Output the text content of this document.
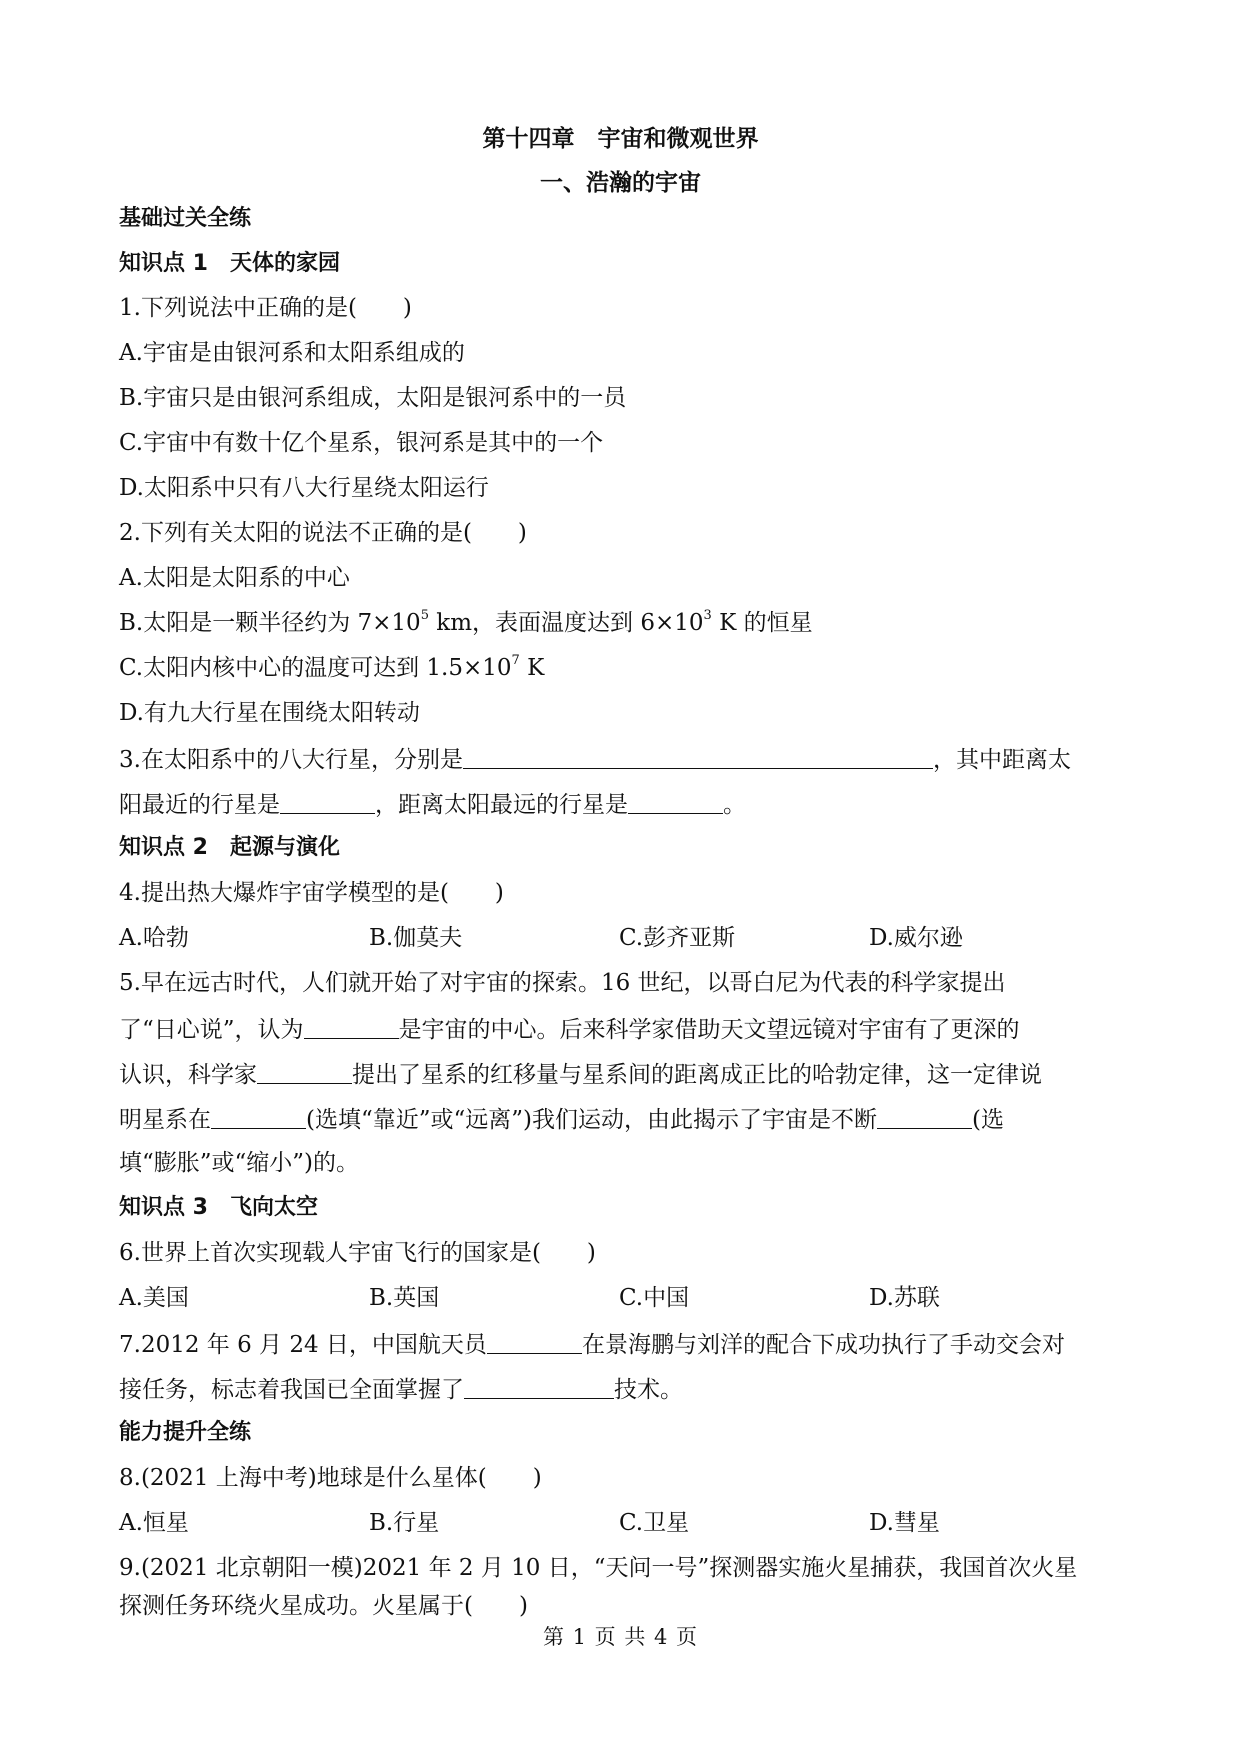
第十四章　宇宙和微观世界
一、浩瀚的宇宙
基础过关全练
知识点 1　天体的家园
1.下列说法中正确的是(　　)
A.宇宙是由银河系和太阳系组成的
B.宇宙只是由银河系组成，太阳是银河系中的一员
C.宇宙中有数十亿个星系，银河系是其中的一个
D.太阳系中只有八大行星绕太阳运行
2.下列有关太阳的说法不正确的是(　　)
A.太阳是太阳系的中心
B.太阳是一颗半径约为 $7\times 10^5$ km，表面温度达到 $6\times 10^3$ K 的恒星
C.太阳内核中心的温度可达到 $1.5\times 10^7$ K
D.有九大行星在围绕太阳转动
3.在太阳系中的八大行星，分别是	，其中距离太
阳最近的行星是	，距离太阳最远的行星是	。
知识点 2　起源与演化
4.提出热大爆炸宇宙学模型的是(　　)
A.哈勃	B.伽莫夫	C.彭齐亚斯	D.威尔逊
5.早在远古时代，人们就开始了对宇宙的探索。16 世纪，以哥白尼为代表的科学家提出
了“日心说”，认为	是宇宙的中心。后来科学家借助天文望远镜对宇宙有了更深的
认识，科学家	提出了星系的红移量与星系间的距离成正比的哈勃定律，这一定律说
明星系在	(选填“靠近”或“远离”)我们运动，由此揭示了宇宙是不断	(选
填“膨胀”或“缩小”)的。
知识点 3　飞向太空
6.世界上首次实现载人宇宙飞行的国家是(　　)
A.美国	B.英国	C.中国	D.苏联
7.2012 年 6 月 24 日，中国航天员	在景海鹏与刘洋的配合下成功执行了手动交会对
接任务，标志着我国已全面掌握了	技术。
能力提升全练
8.(2021 上海中考)地球是什么星体(　　)
A.恒星	B.行星	C.卫星	D.彗星
9.(2021 北京朝阳一模)2021 年 2 月 10 日，“天问一号”探测器实施火星捕获，我国首次火星
探测任务环绕火星成功。火星属于(　　)
第 1 页 共 4 页
